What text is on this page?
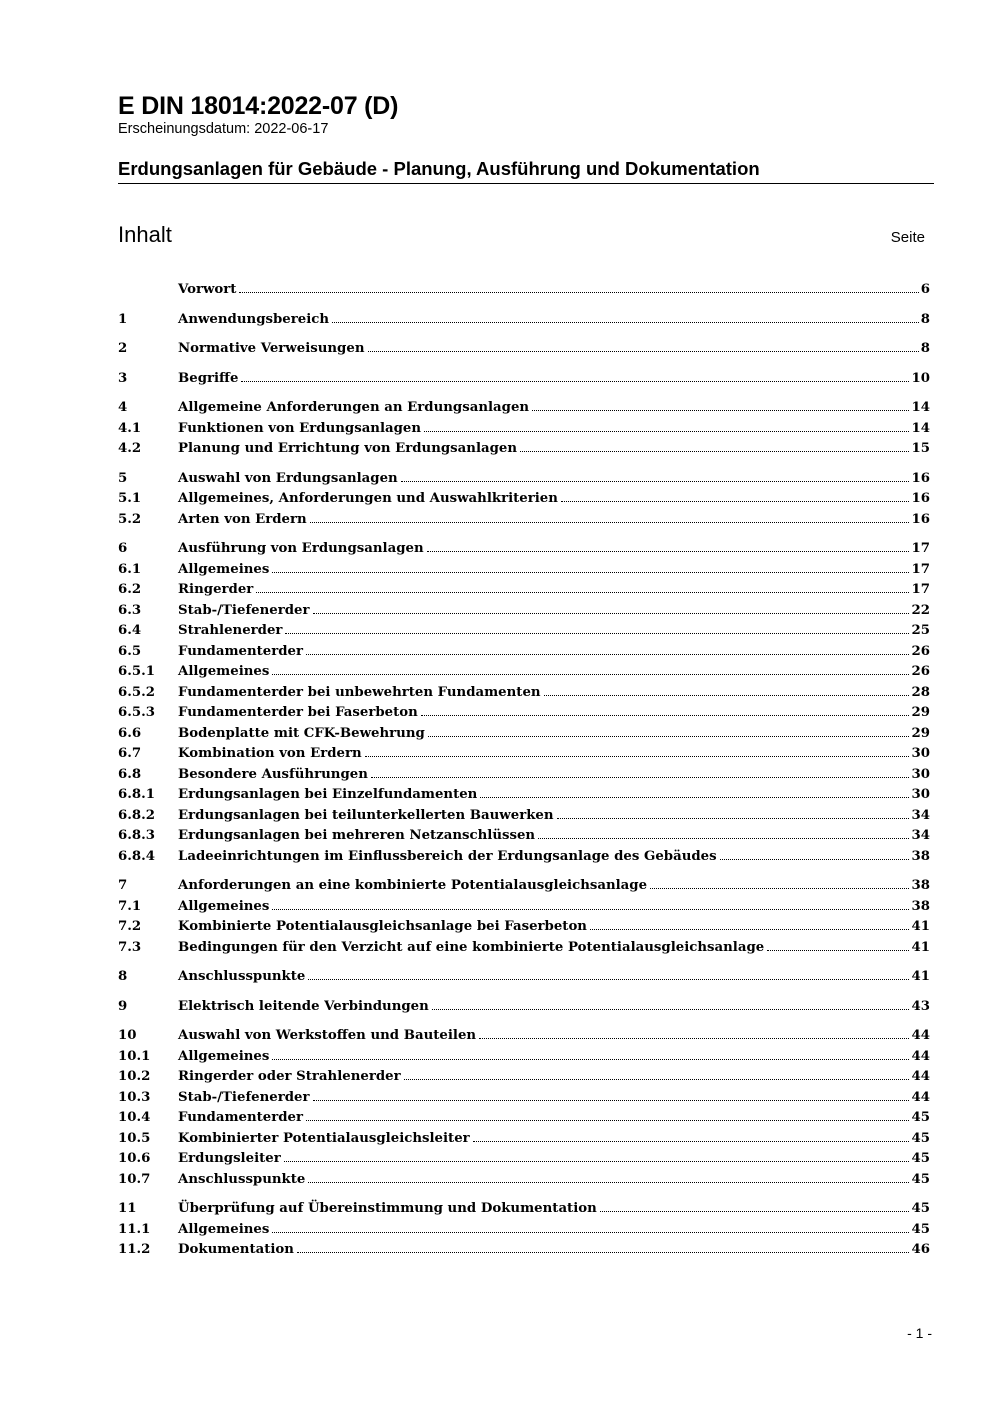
E DIN 18014:2022-07 (D)
Erscheinungsdatum: 2022-06-17
Erdungsanlagen für Gebäude - Planung, Ausführung und Dokumentation
Inhalt	Seite
Vorwort	6
1	Anwendungsbereich	8
2	Normative Verweisungen	8
3	Begriffe	10
4	Allgemeine Anforderungen an Erdungsanlagen	14
4.1	Funktionen von Erdungsanlagen	14
4.2	Planung und Errichtung von Erdungsanlagen	15
5	Auswahl von Erdungsanlagen	16
5.1	Allgemeines, Anforderungen und Auswahlkriterien	16
5.2	Arten von Erdern	16
6	Ausführung von Erdungsanlagen	17
6.1	Allgemeines	17
6.2	Ringerder	17
6.3	Stab-/Tiefenerder	22
6.4	Strahlenerder	25
6.5	Fundamenterder	26
6.5.1	Allgemeines	26
6.5.2	Fundamenterder bei unbewehrten Fundamenten	28
6.5.3	Fundamenterder bei Faserbeton	29
6.6	Bodenplatte mit CFK-Bewehrung	29
6.7	Kombination von Erdern	30
6.8	Besondere Ausführungen	30
6.8.1	Erdungsanlagen bei Einzelfundamenten	30
6.8.2	Erdungsanlagen bei teilunterkellerten Bauwerken	34
6.8.3	Erdungsanlagen bei mehreren Netzanschlüssen	34
6.8.4	Ladeeinrichtungen im Einflussbereich der Erdungsanlage des Gebäudes	38
7	Anforderungen an eine kombinierte Potentialausgleichsanlage	38
7.1	Allgemeines	38
7.2	Kombinierte Potentialausgleichsanlage bei Faserbeton	41
7.3	Bedingungen für den Verzicht auf eine kombinierte Potentialausgleichsanlage	41
8	Anschlusspunkte	41
9	Elektrisch leitende Verbindungen	43
10	Auswahl von Werkstoffen und Bauteilen	44
10.1	Allgemeines	44
10.2	Ringerder oder Strahlenerder	44
10.3	Stab-/Tiefenerder	44
10.4	Fundamenterder	45
10.5	Kombinierter Potentialausgleichsleiter	45
10.6	Erdungsleiter	45
10.7	Anschlusspunkte	45
11	Überprüfung auf Übereinstimmung und Dokumentation	45
11.1	Allgemeines	45
11.2	Dokumentation	46
- 1 -
